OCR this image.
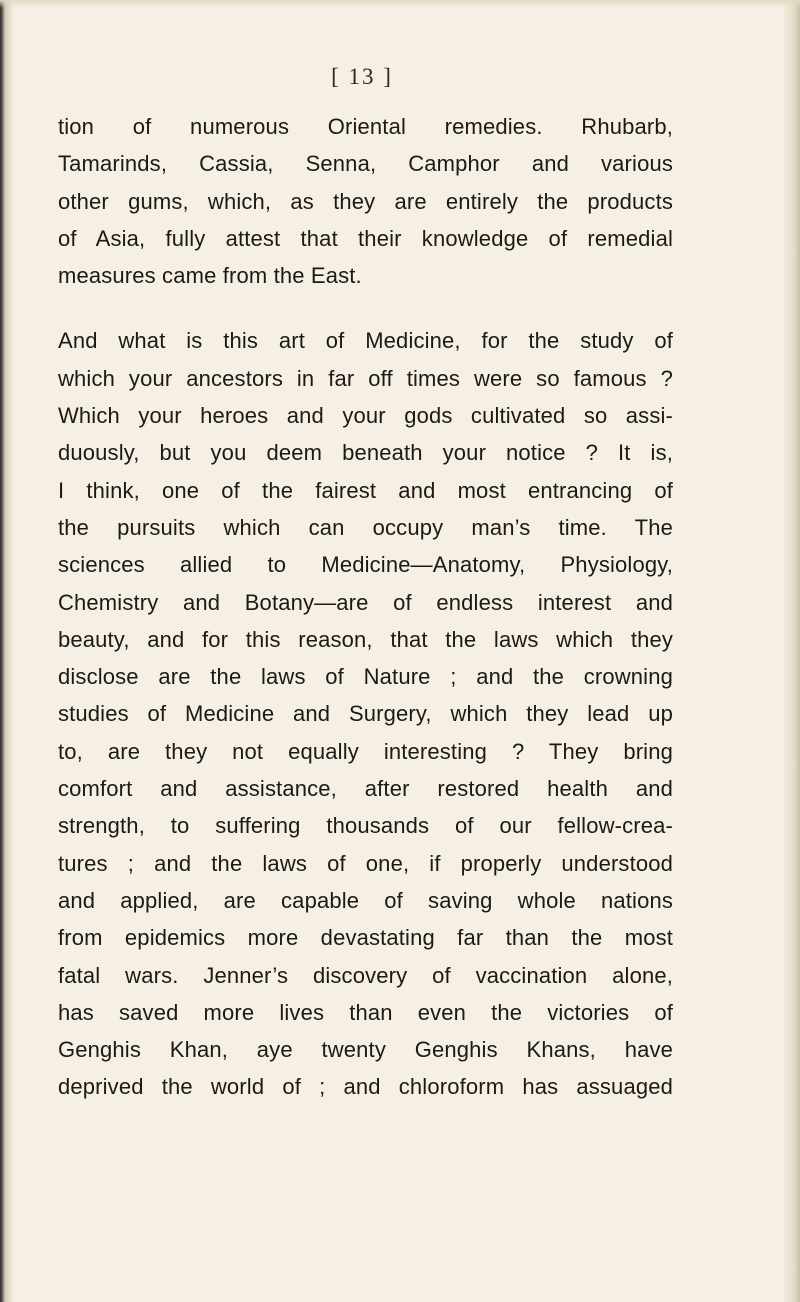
[ 13 ]
tion of numerous Oriental remedies. Rhubarb,
Tamarinds, Cassia, Senna, Camphor and various
other gums, which, as they are entirely the products
of Asia, fully attest that their knowledge of remedial
measures came from the East.
And what is this art of Medicine, for the study of
which your ancestors in far off times were so famous ?
Which your heroes and your gods cultivated so assi-
duously, but you deem beneath your notice ? It is,
I think, one of the fairest and most entrancing of
the pursuits which can occupy man’s time. The
sciences allied to Medicine—Anatomy, Physiology,
Chemistry and Botany—are of endless interest and
beauty, and for this reason, that the laws which they
disclose are the laws of Nature ; and the crowning
studies of Medicine and Surgery, which they lead up
to, are they not equally interesting ? They bring
comfort and assistance, after restored health and
strength, to suffering thousands of our fellow-crea-
tures ; and the laws of one, if properly understood
and applied, are capable of saving whole nations
from epidemics more devastating far than the most
fatal wars. Jenner’s discovery of vaccination alone,
has saved more lives than even the victories of
Genghis Khan, aye twenty Genghis Khans, have
deprived the world of ; and chloroform has assuaged
